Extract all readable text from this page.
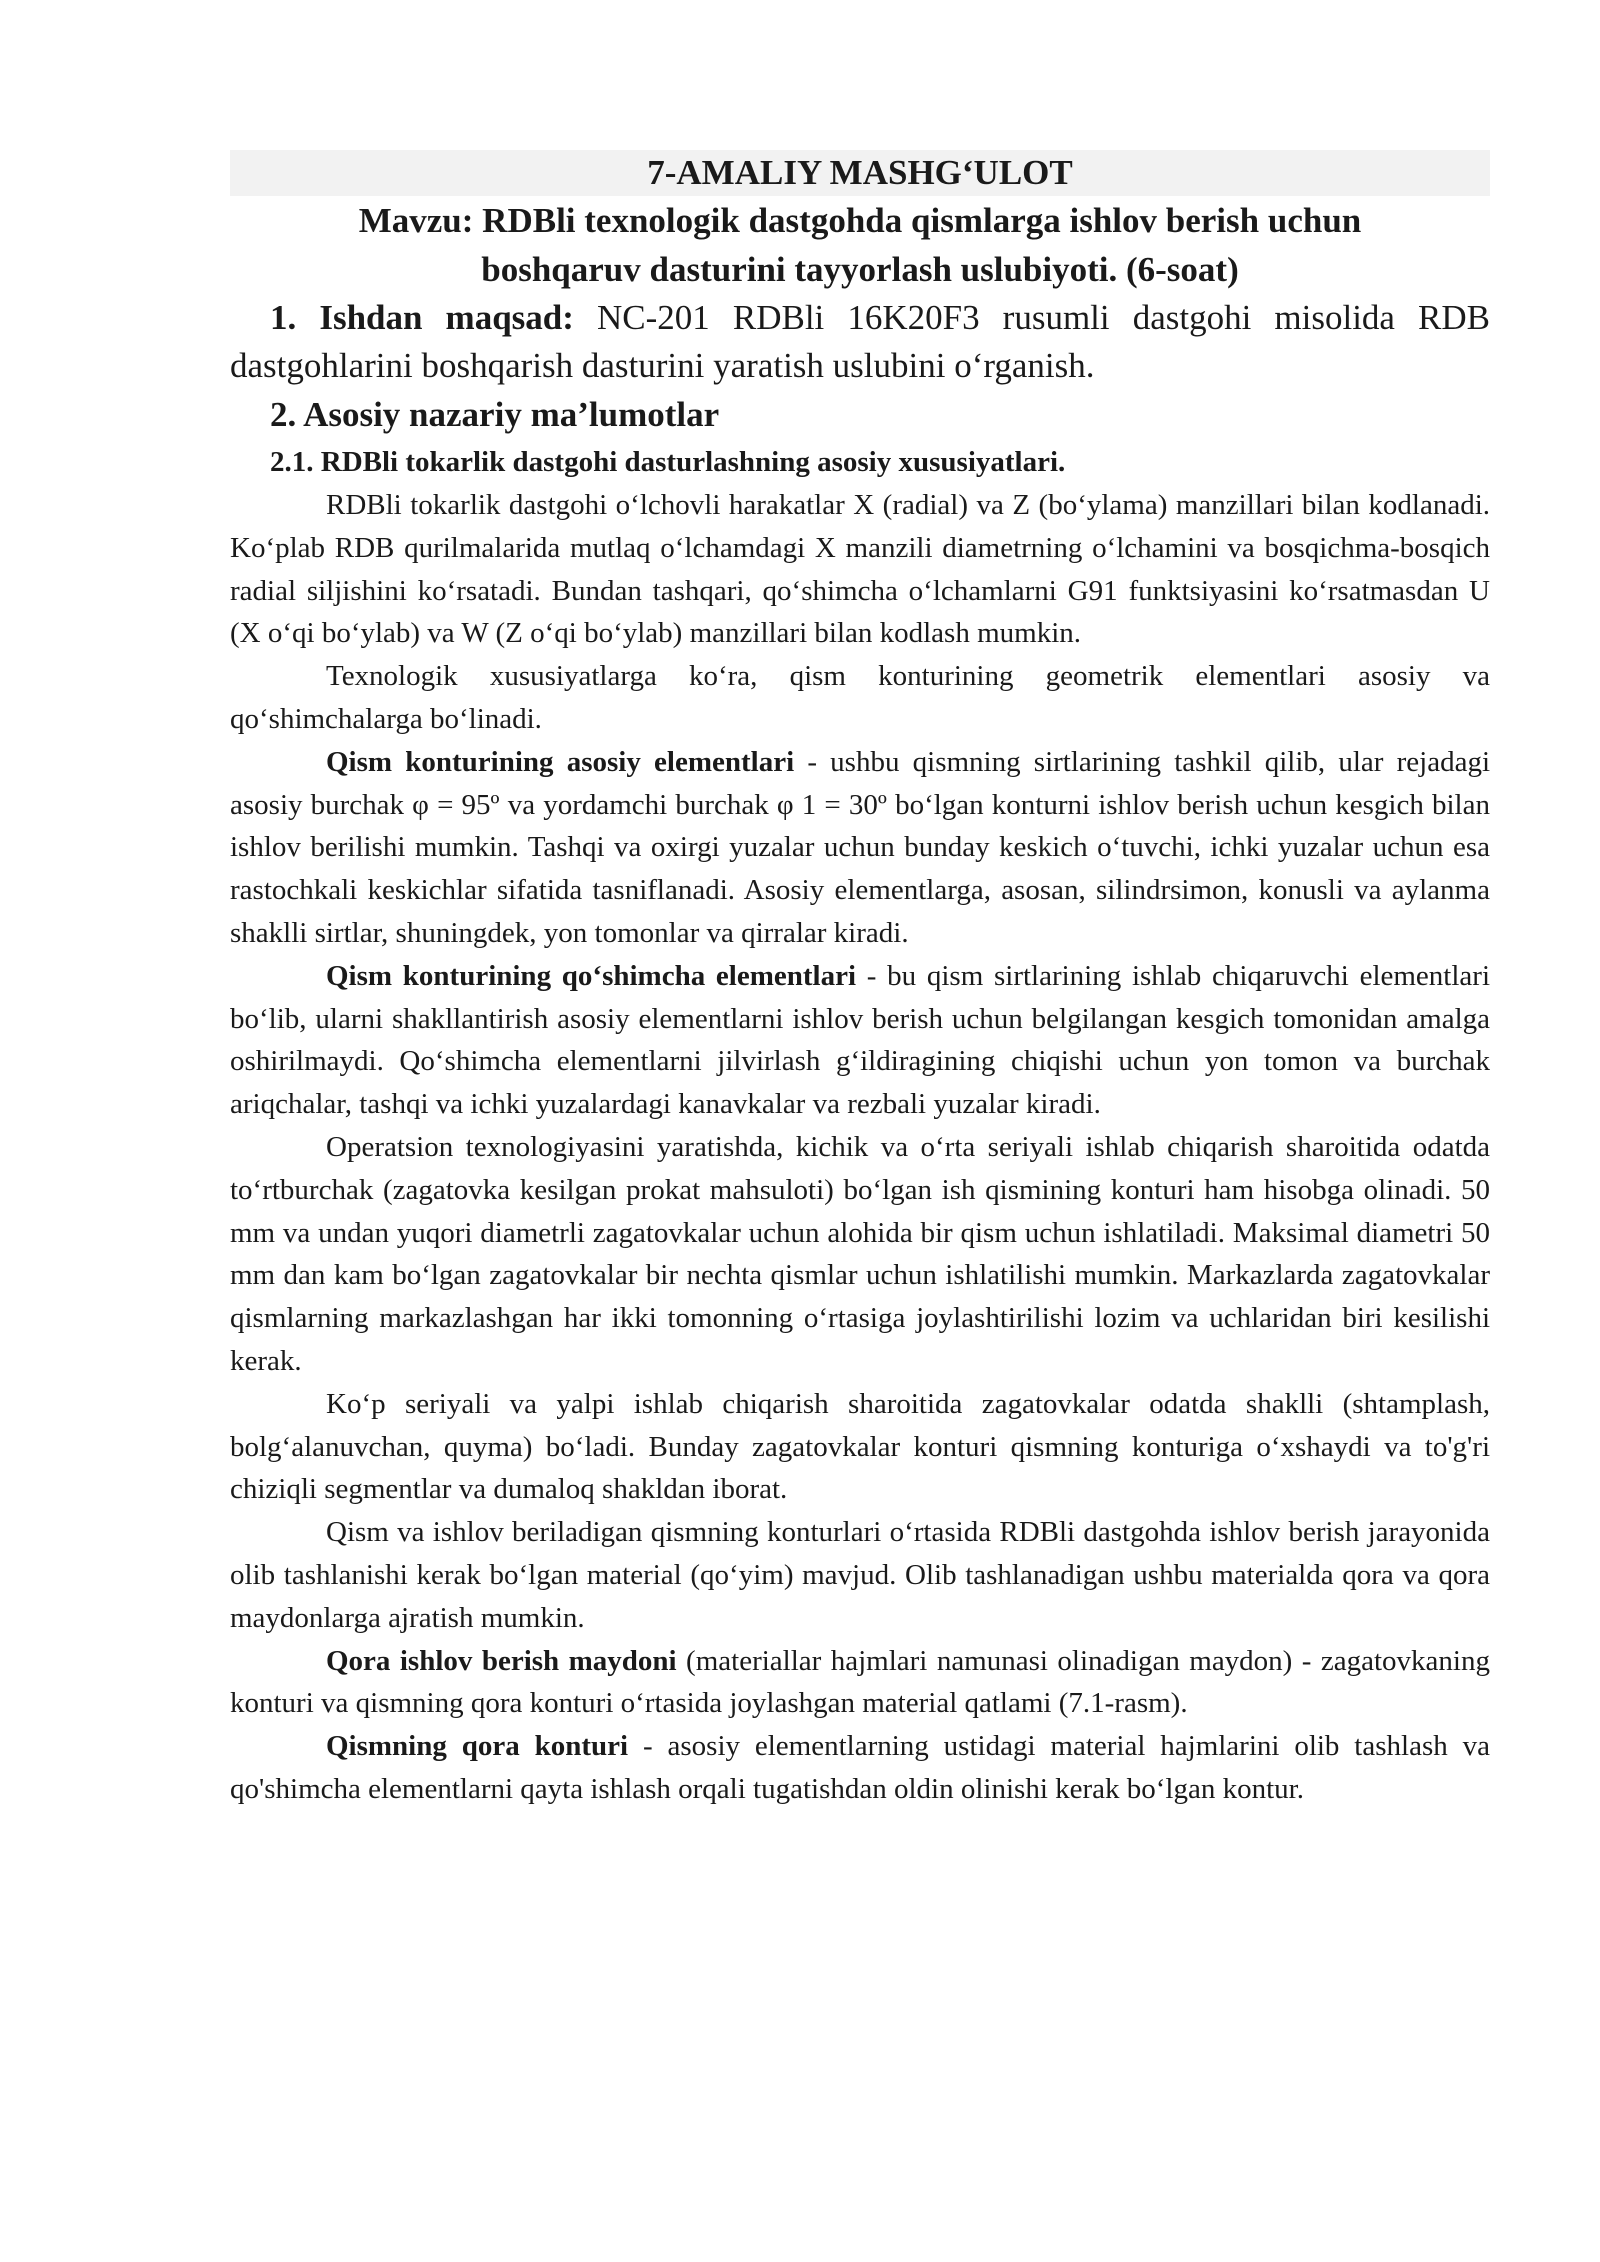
7-AMALIY MASHG‘ULOT

Mavzu: RDBli texnologik dastgohda qismlarga ishlov berish uchun boshqaruv dasturini tayyorlash uslubiyoti. (6-soat)

1. Ishdan maqsad: NC-201 RDBli 16K20F3 rusumli dastgohi misolida RDB dastgohlarini boshqarish dasturini yaratish uslubini o‘rganish.

2. Asosiy nazariy ma’lumotlar
2.1. RDBli tokarlik dastgohi dasturlashning asosiy xususiyatlari.

RDBli tokarlik dastgohi o‘lchovli harakatlar X (radial) va Z (bo‘ylama) manzillari bilan kodlanadi. Ko‘plab RDB qurilmalarida mutlaq o‘lchamdagi X manzili diametrning o‘lchamini va bosqichma-bosqich radial siljishini ko‘rsatadi. Bundan tashqari, qo‘shimcha o‘lchamlarni G91 funktsiyasini ko‘rsatmasdan U (X o‘qi bo‘ylab) va W (Z o‘qi bo‘ylab) manzillari bilan kodlash mumkin.

Texnologik xususiyatlarga ko‘ra, qism konturining geometrik elementlari asosiy va qo‘shimchalarga bo‘linadi.

Qism konturining asosiy elementlari - ushbu qismning sirtlarining tashkil qilib, ular rejadagi asosiy burchak φ = 95º va yordamchi burchak φ 1 = 30º bo‘lgan konturni ishlov berish uchun kesgich bilan ishlov berilishi mumkin. Tashqi va oxirgi yuzalar uchun bunday keskich o‘tuvchi, ichki yuzalar uchun esa rastochkali keskichlar sifatida tasniflanadi. Asosiy elementlarga, asosan, silindrsimon, konusli va aylanma shaklli sirtlar, shuningdek, yon tomonlar va qirralar kiradi.

Qism konturining qo‘shimcha elementlari - bu qism sirtlarining ishlab chiqaruvchi elementlari bo‘lib, ularni shakllantirish asosiy elementlarni ishlov berish uchun belgilangan kesgich tomonidan amalga oshirilmaydi. Qo‘shimcha elementlarni jilvirlash g‘ildiragining chiqishi uchun yon tomon va burchak ariqchalar, tashqi va ichki yuzalardagi kanavkalar va rezbali yuzalar kiradi.

Operatsion texnologiyasini yaratishda, kichik va o‘rta seriyali ishlab chiqarish sharoitida odatda to‘rtburchak (zagatovka kesilgan prokat mahsuloti) bo‘lgan ish qismining konturi ham hisobga olinadi. 50 mm va undan yuqori diametrli zagatovkalar uchun alohida bir qism uchun ishlatiladi. Maksimal diametri 50 mm dan kam bo‘lgan zagatovkalar bir nechta qismlar uchun ishlatilishi mumkin. Markazlarda zagatovkalar qismlarning markazlashgan har ikki tomonning o‘rtasiga joylashtirilishi lozim va uchlaridan biri kesilishi kerak.

Ko‘p seriyali va yalpi ishlab chiqarish sharoitida zagatovkalar odatda shaklli (shtamplash, bolg‘alanuvchan, quyma) bo‘ladi. Bunday zagatovkalar konturi qismning konturiga o‘xshaydi va to'g'ri chiziqli segmentlar va dumaloq shakldan iborat.

Qism va ishlov beriladigan qismning konturlari o‘rtasida RDBli dastgohda ishlov berish jarayonida olib tashlanishi kerak bo‘lgan material (qo‘yim) mavjud. Olib tashlanadigan ushbu materialda qora va qora maydonlarga ajratish mumkin.

Qora ishlov berish maydoni (materiallar hajmlari namunasi olinadigan maydon) - zagatovkaning konturi va qismning qora konturi o‘rtasida joylashgan material qatlami (7.1-rasm).

Qismning qora konturi - asosiy elementlarning ustidagi material hajmlarini olib tashlash va qo'shimcha elementlarni qayta ishlash orqali tugatishdan oldin olinishi kerak bo‘lgan kontur.
